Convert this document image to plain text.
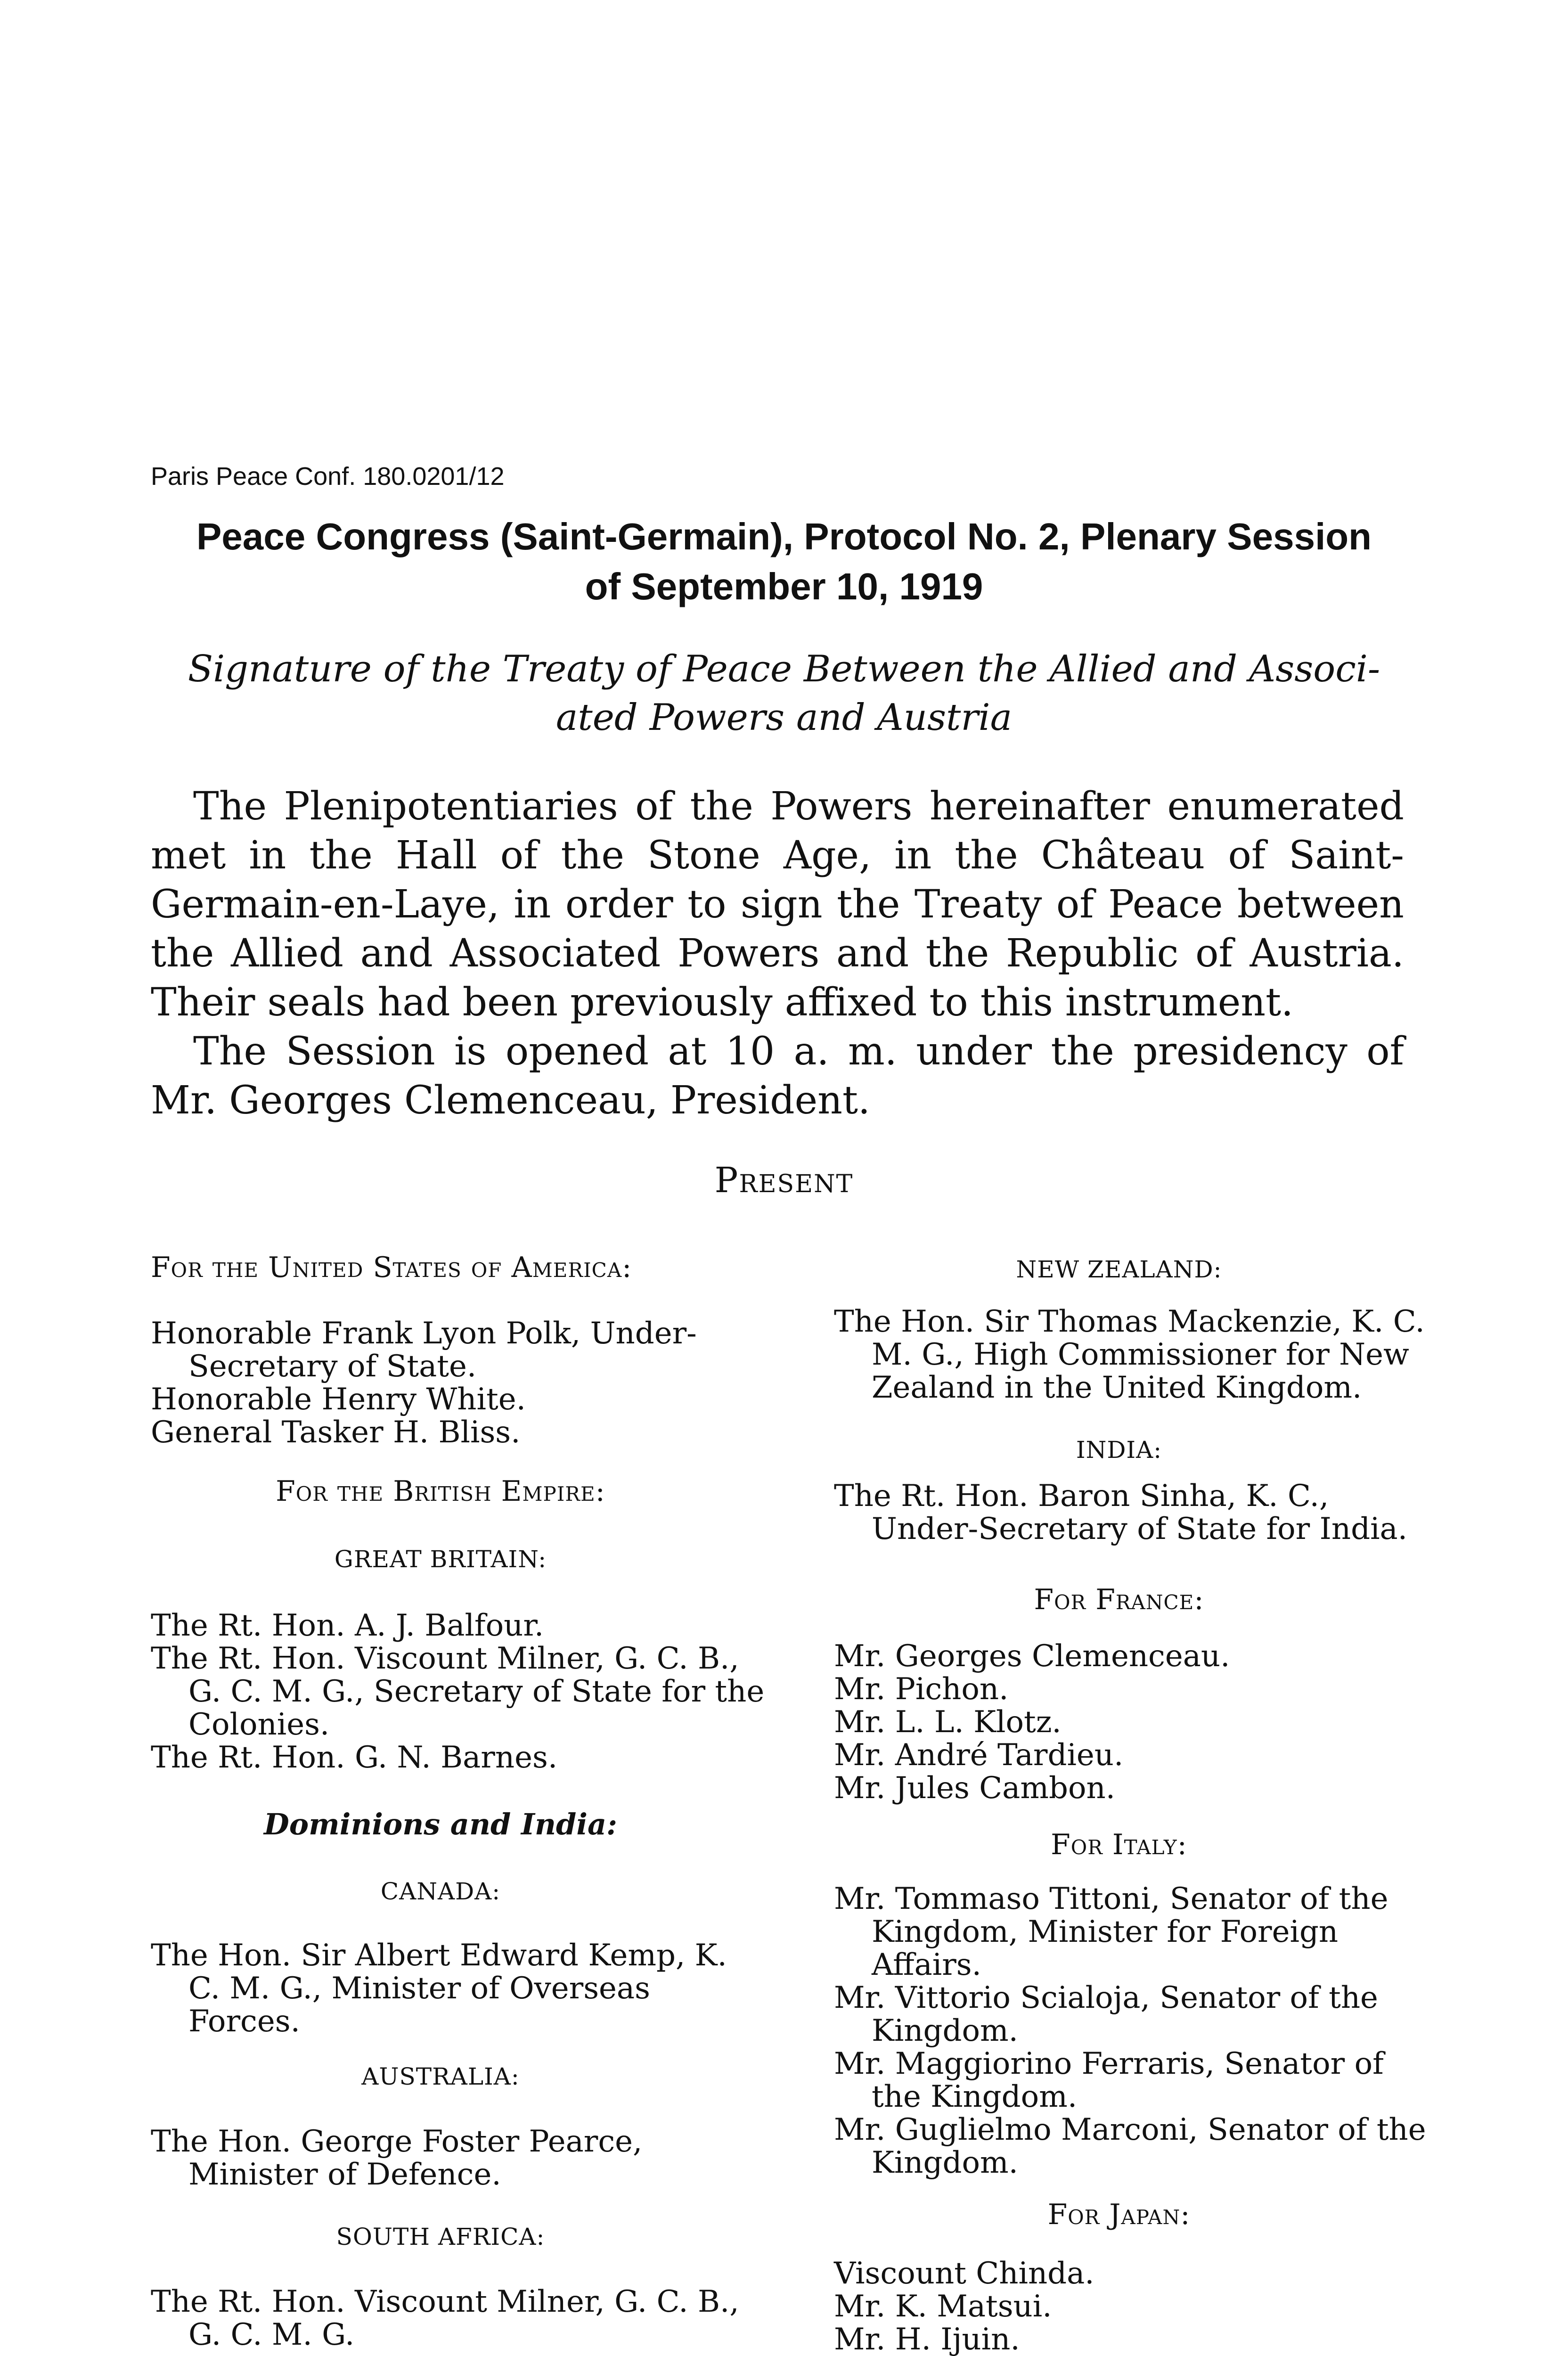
Paris Peace Conf. 180.0201/12
Peace Congress (Saint-Germain), Protocol No. 2, Plenary Session
of September 10, 1919
Signature of the Treaty of Peace Between the Allied and Associ-
ated Powers and Austria

The Plenipotentiaries of the Powers hereinafter enumerated met in the Hall of the Stone Age, in the Château of Saint-Germain-en-Laye, in order to sign the Treaty of Peace between the Allied and Associated Powers and the Republic of Austria. Their seals had been previously affixed to this instrument.

The Session is opened at 10 a. m. under the presidency of Mr. Georges Clemenceau, President.

Present
For the United States of America:
Honorable Frank Lyon Polk, Under-Secretary of State.
Honorable Henry White.
General Tasker H. Bliss.
For the British Empire:
GREAT BRITAIN:
The Rt. Hon. A. J. Balfour.
The Rt. Hon. Viscount Milner, G. C. B., G. C. M. G., Secretary of State for the Colonies.
The Rt. Hon. G. N. Barnes.
Dominions and India:
CANADA:
The Hon. Sir Albert Edward Kemp, K. C. M. G., Minister of Overseas Forces.
AUSTRALIA:
The Hon. George Foster Pearce, Minister of Defence.
SOUTH AFRICA:
The Rt. Hon. Viscount Milner, G. C. B., G. C. M. G.
NEW ZEALAND:
The Hon. Sir Thomas Mackenzie, K. C. M. G., High Commissioner for New Zealand in the United Kingdom.
INDIA:
The Rt. Hon. Baron Sinha, K. C., Under-Secretary of State for India.
For France:
Mr. Georges Clemenceau.
Mr. Pichon.
Mr. L. L. Klotz.
Mr. André Tardieu.
Mr. Jules Cambon.
For Italy:
Mr. Tommaso Tittoni, Senator of the Kingdom, Minister for Foreign Affairs.
Mr. Vittorio Scialoja, Senator of the Kingdom.
Mr. Maggiorino Ferraris, Senator of the Kingdom.
Mr. Guglielmo Marconi, Senator of the Kingdom.
For Japan:
Viscount Chinda.
Mr. K. Matsui.
Mr. H. Ijuin.
